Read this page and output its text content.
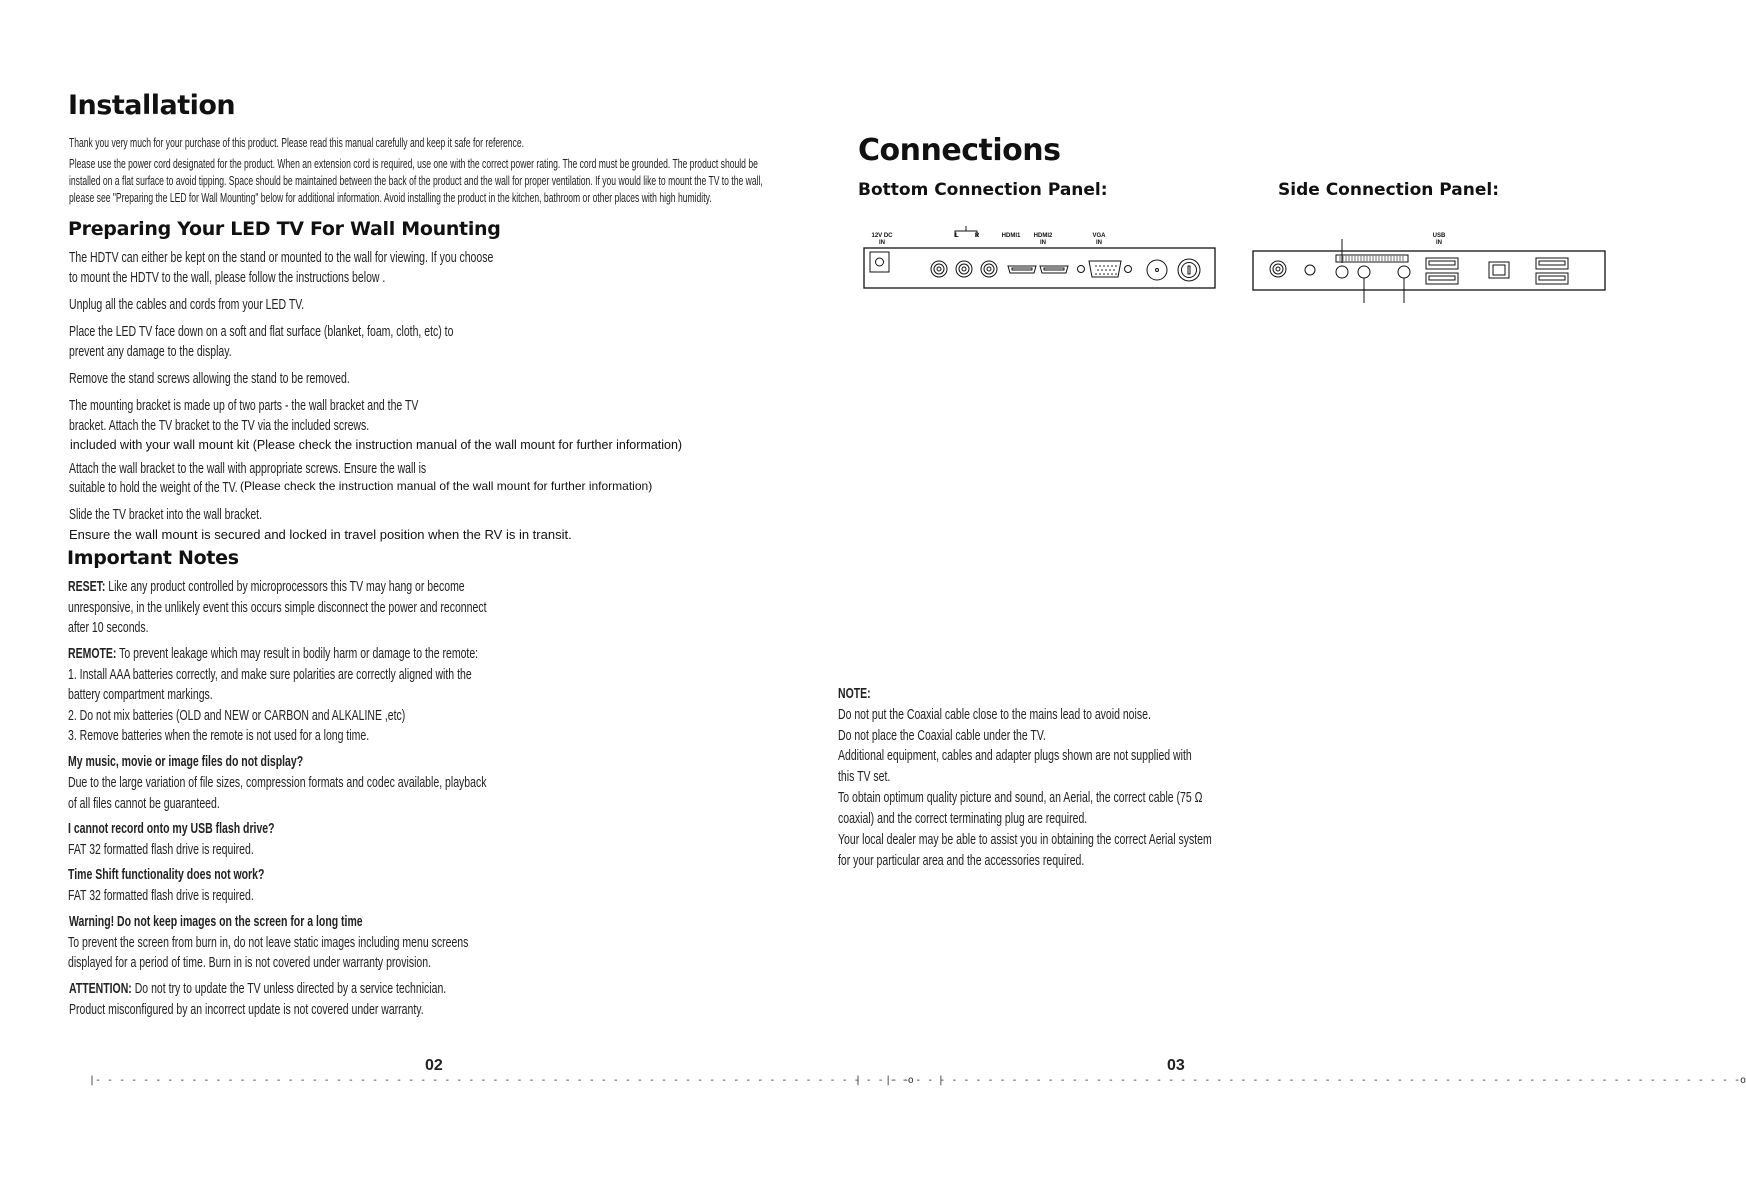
Installation
Thank you very much for your purchase of this product. Please read this manual carefully and keep it safe for reference.
Please use the power cord designated for the product. When an extension cord is required, use one with the correct power rating. The cord must be grounded. The product should be
installed on a flat surface to avoid tipping. Space should be maintained between the back of the product and the wall for proper ventilation. If you would like to mount the TV to the wall,
please see "Preparing the LED for Wall Mounting" below for additional information. Avoid installing the product in the kitchen, bathroom or other places with high humidity.
Preparing Your LED TV For Wall Mounting
The HDTV can either be kept on the stand or mounted to the wall for viewing. If you choose
to mount the HDTV to the wall, please follow the instructions below .
Unplug all the cables and cords from your LED TV.
Place the LED TV face down on a soft and flat surface (blanket, foam, cloth, etc) to
prevent any damage to the display.
Remove the stand screws allowing the stand to be removed.
The mounting bracket is made up of two parts - the wall bracket and the TV
bracket. Attach the TV bracket to the TV via the included screws.
included with your wall mount kit (Please check the instruction manual of the wall mount for further information)
Attach the wall bracket to the wall with appropriate screws. Ensure the wall is
suitable to hold the weight of the TV. (Please check the instruction manual of the wall mount for further information)
Slide the TV bracket into the wall bracket.
Ensure the wall mount is secured and locked in travel position when the RV is in transit.
Important Notes
RESET: Like any product controlled by microprocessors this TV may hang or become
unresponsive, in the unlikely event this occurs simple disconnect the power and reconnect
after 10 seconds.
REMOTE: To prevent leakage which may result in bodily harm or damage to the remote:
1. Install AAA batteries correctly, and make sure polarities are correctly aligned with the
battery compartment markings.
2. Do not mix batteries (OLD and NEW or CARBON and ALKALINE ,etc)
3. Remove batteries when the remote is not used for a long time.
My music, movie or image files do not display?
Due to the large variation of file sizes, compression formats and codec available, playback
of all files cannot be guaranteed.
I cannot record onto my USB flash drive?
FAT 32 formatted flash drive is required.
Time Shift functionality does not work?
FAT 32 formatted flash drive is required.
Warning! Do not keep images on the screen for a long time
To prevent the screen from burn in, do not leave static images including menu screens
displayed for a period of time. Burn in is not covered under warranty provision.
ATTENTION: Do not try to update the TV unless directed by a service technician.
Product misconfigured by an incorrect update is not covered under warranty.
02
|- - - - - - - - - - - - - - - - - - - - - - - - - - - - - - - - - - - - - - - - - - - - - - - - - - - - - - - - - - - - - - - - - - - -o    |
Connections
Bottom Connection Panel:	Side Connection Panel:
12V DC
IN
L	R	HDMI1	HDMI2
IN
VGA
IN
USB
IN
NOTE:
Do not put the Coaxial cable close to the mains lead to avoid noise.
Do not place the Coaxial cable under the TV.
Additional equipment, cables and adapter plugs shown are not supplied with
this TV set.
To obtain optimum quality picture and sound, an Aerial, the correct cable (75 Ω
coaxial) and the correct terminating plug are required.
Your local dealer may be able to assist you in obtaining the correct Aerial system
for your particular area and the accessories required.
03
|    |- - - - - - - - - - - - - - - - - - - - - - - - - - - - - - - - - - - - - - - - - - - - - - - - - - - - - - - - - - - - - - - - - - - - - - -o
